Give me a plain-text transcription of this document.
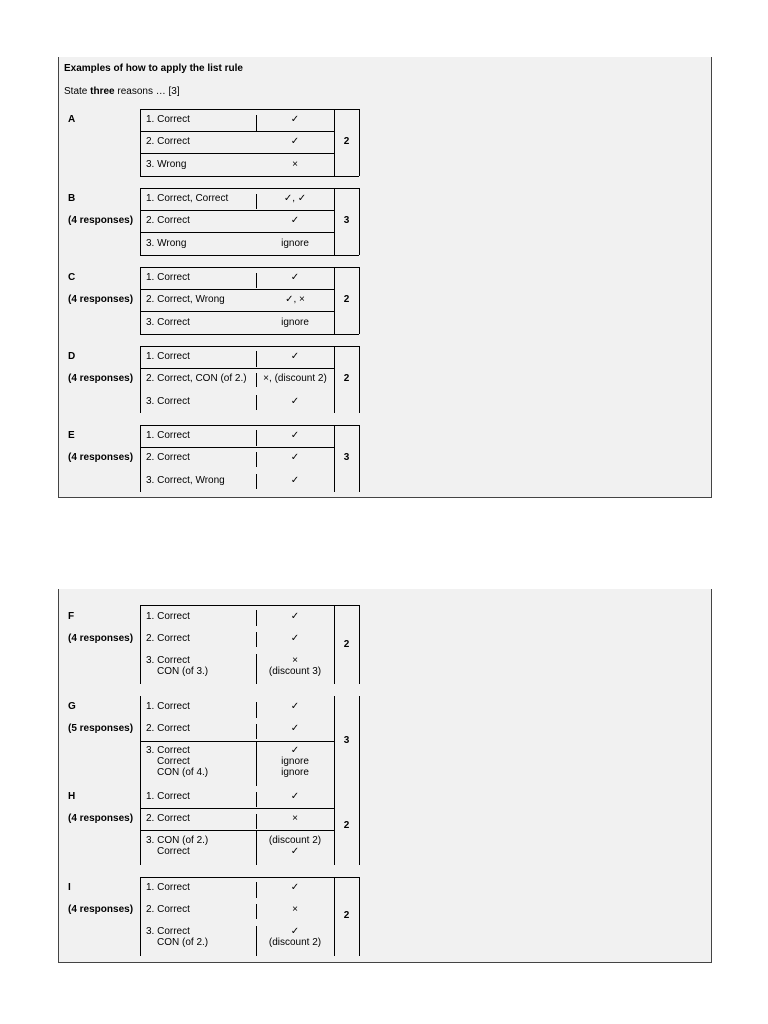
Examples of how to apply the list rule
State three reasons … [3]
A	1. Correct	✓
2. Correct	✓
3. Wrong	×
2
B
(4 responses)
1. Correct, Correct	✓, ✓
2. Correct	✓
3. Wrong	ignore
3
C
(4 responses)
1. Correct	✓
2. Correct, Wrong	✓, ×
3. Correct	ignore
2
D
(4 responses)
1. Correct	✓
2. Correct, CON (of 2.)	×, (discount 2)
3. Correct	✓
2
E
(4 responses)
1. Correct	✓
2. Correct	✓
3. Correct, Wrong	✓
3
F
(4 responses)
1. Correct	✓
2. Correct	✓
3. Correct	×
CON (of 3.)	(discount 3)
2
G
(5 responses)
1. Correct	✓
2. Correct	✓
3. Correct	✓
Correct	ignore
CON (of 4.)	ignore
3
H
(4 responses)
1. Correct	✓
2. Correct	×
3. CON (of 2.)	(discount 2)
Correct	✓
2
I
(4 responses)
1. Correct	✓
2. Correct	×
3. Correct	✓
CON (of 2.)	(discount 2)
2
